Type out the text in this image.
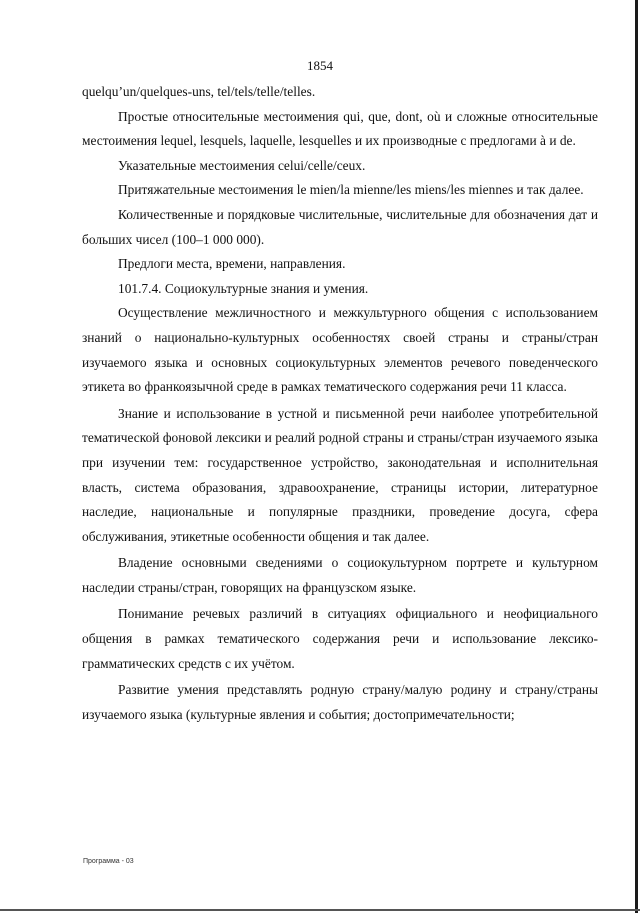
1854

quelqu’un/quelques-uns, tel/tels/telle/telles.

Простые относительные местоимения qui, que, dont, où и сложные относительные местоимения lequel, lesquels, laquelle, lesquelles и их производные с предлогами à и de.

Указательные местоимения celui/celle/ceux.

Притяжательные местоимения le mien/la mienne/les miens/les miennes и так далее.

Количественные и порядковые числительные, числительные для обозначения дат и больших чисел (100–1 000 000).

Предлоги места, времени, направления.

101.7.4. Социокультурные знания и умения.

Осуществление межличностного и межкультурного общения с использованием знаний о национально-культурных особенностях своей страны и страны/стран изучаемого языка и основных социокультурных элементов речевого поведенческого этикета во франкоязычной среде в рамках тематического содержания речи 11 класса.

Знание и использование в устной и письменной речи наиболее употребительной тематической фоновой лексики и реалий родной страны и страны/стран изучаемого языка при изучении тем: государственное устройство, законодательная и исполнительная власть, система образования, здравоохранение, страницы истории, литературное наследие, национальные и популярные праздники, проведение досуга, сфера обслуживания, этикетные особенности общения и так далее.

Владение основными сведениями о социокультурном портрете и культурном наследии страны/стран, говорящих на французском языке.

Понимание речевых различий в ситуациях официального и неофициального общения в рамках тематического содержания речи и использование лексико-грамматических средств с их учётом.

Развитие умения представлять родную страну/малую родину и страну/страны изучаемого языка (культурные явления и события; достопримечательности;

Программа - 03
